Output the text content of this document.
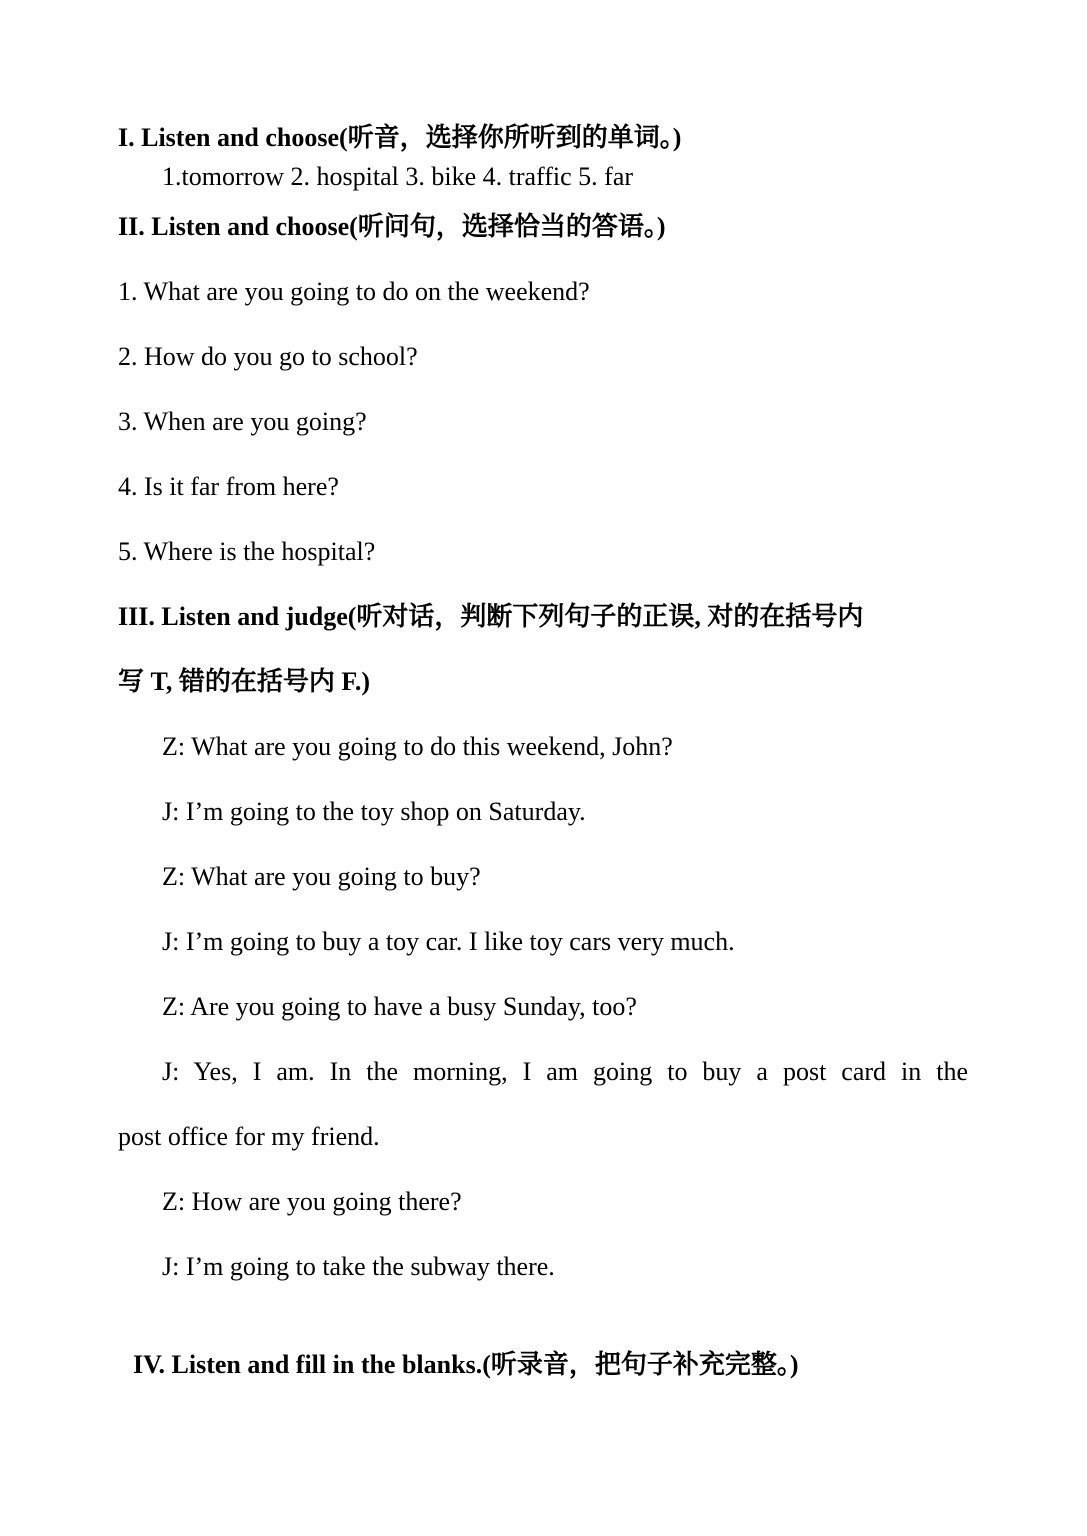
I. Listen and choose(听音，选择你所听到的单词。)
1.tomorrow 2. hospital 3. bike 4. traffic 5. far
II. Listen and choose(听问句，选择恰当的答语。)
1. What are you going to do on the weekend?
2. How do you go to school?
3. When are you going?
4. Is it far from here?
5. Where is the hospital?
III. Listen and judge(听对话，判断下列句子的正误, 对的在括号内
写 T, 错的在括号内 F.)
Z: What are you going to do this weekend, John?
J: I’m going to the toy shop on Saturday.
Z: What are you going to buy?
J: I’m going to buy a toy car. I like toy cars very much.
Z: Are you going to have a busy Sunday, too?
J: Yes, I am. In the morning, I am going to buy a post card in the
post office for my friend.
Z: How are you going there?
J: I’m going to take the subway there.
IV. Listen and fill in the blanks.(听录音，把句子补充完整。)
